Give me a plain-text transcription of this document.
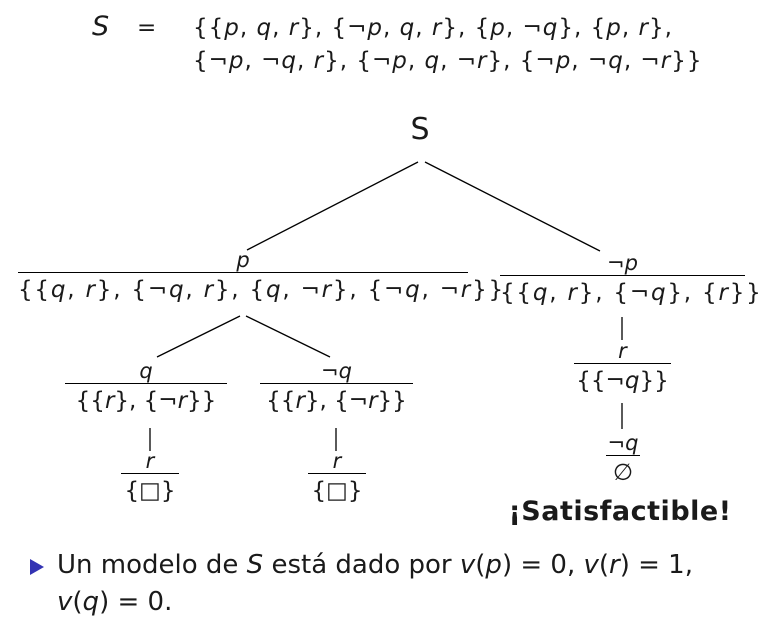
S = {{p, q, r}, {¬p, q, r}, {p, ¬q}, {p, r},
{¬p, ¬q, r}, {¬p, q, ¬r}, {¬p, ¬q, ¬r}}
S
p
{{q, r}, {¬q, r}, {q, ¬r}, {¬q, ¬r}}
¬p
{{q, r}, {¬q}, {r}}
q
{{r}, {¬r}}
¬q
{{r}, {¬r}}
r
{□}
r
{□}
r
{{¬q}}
¬q
∅
¡Satisfactible!
Un modelo de S está dado por v(p) = 0, v(r) = 1,
v(q) = 0.
